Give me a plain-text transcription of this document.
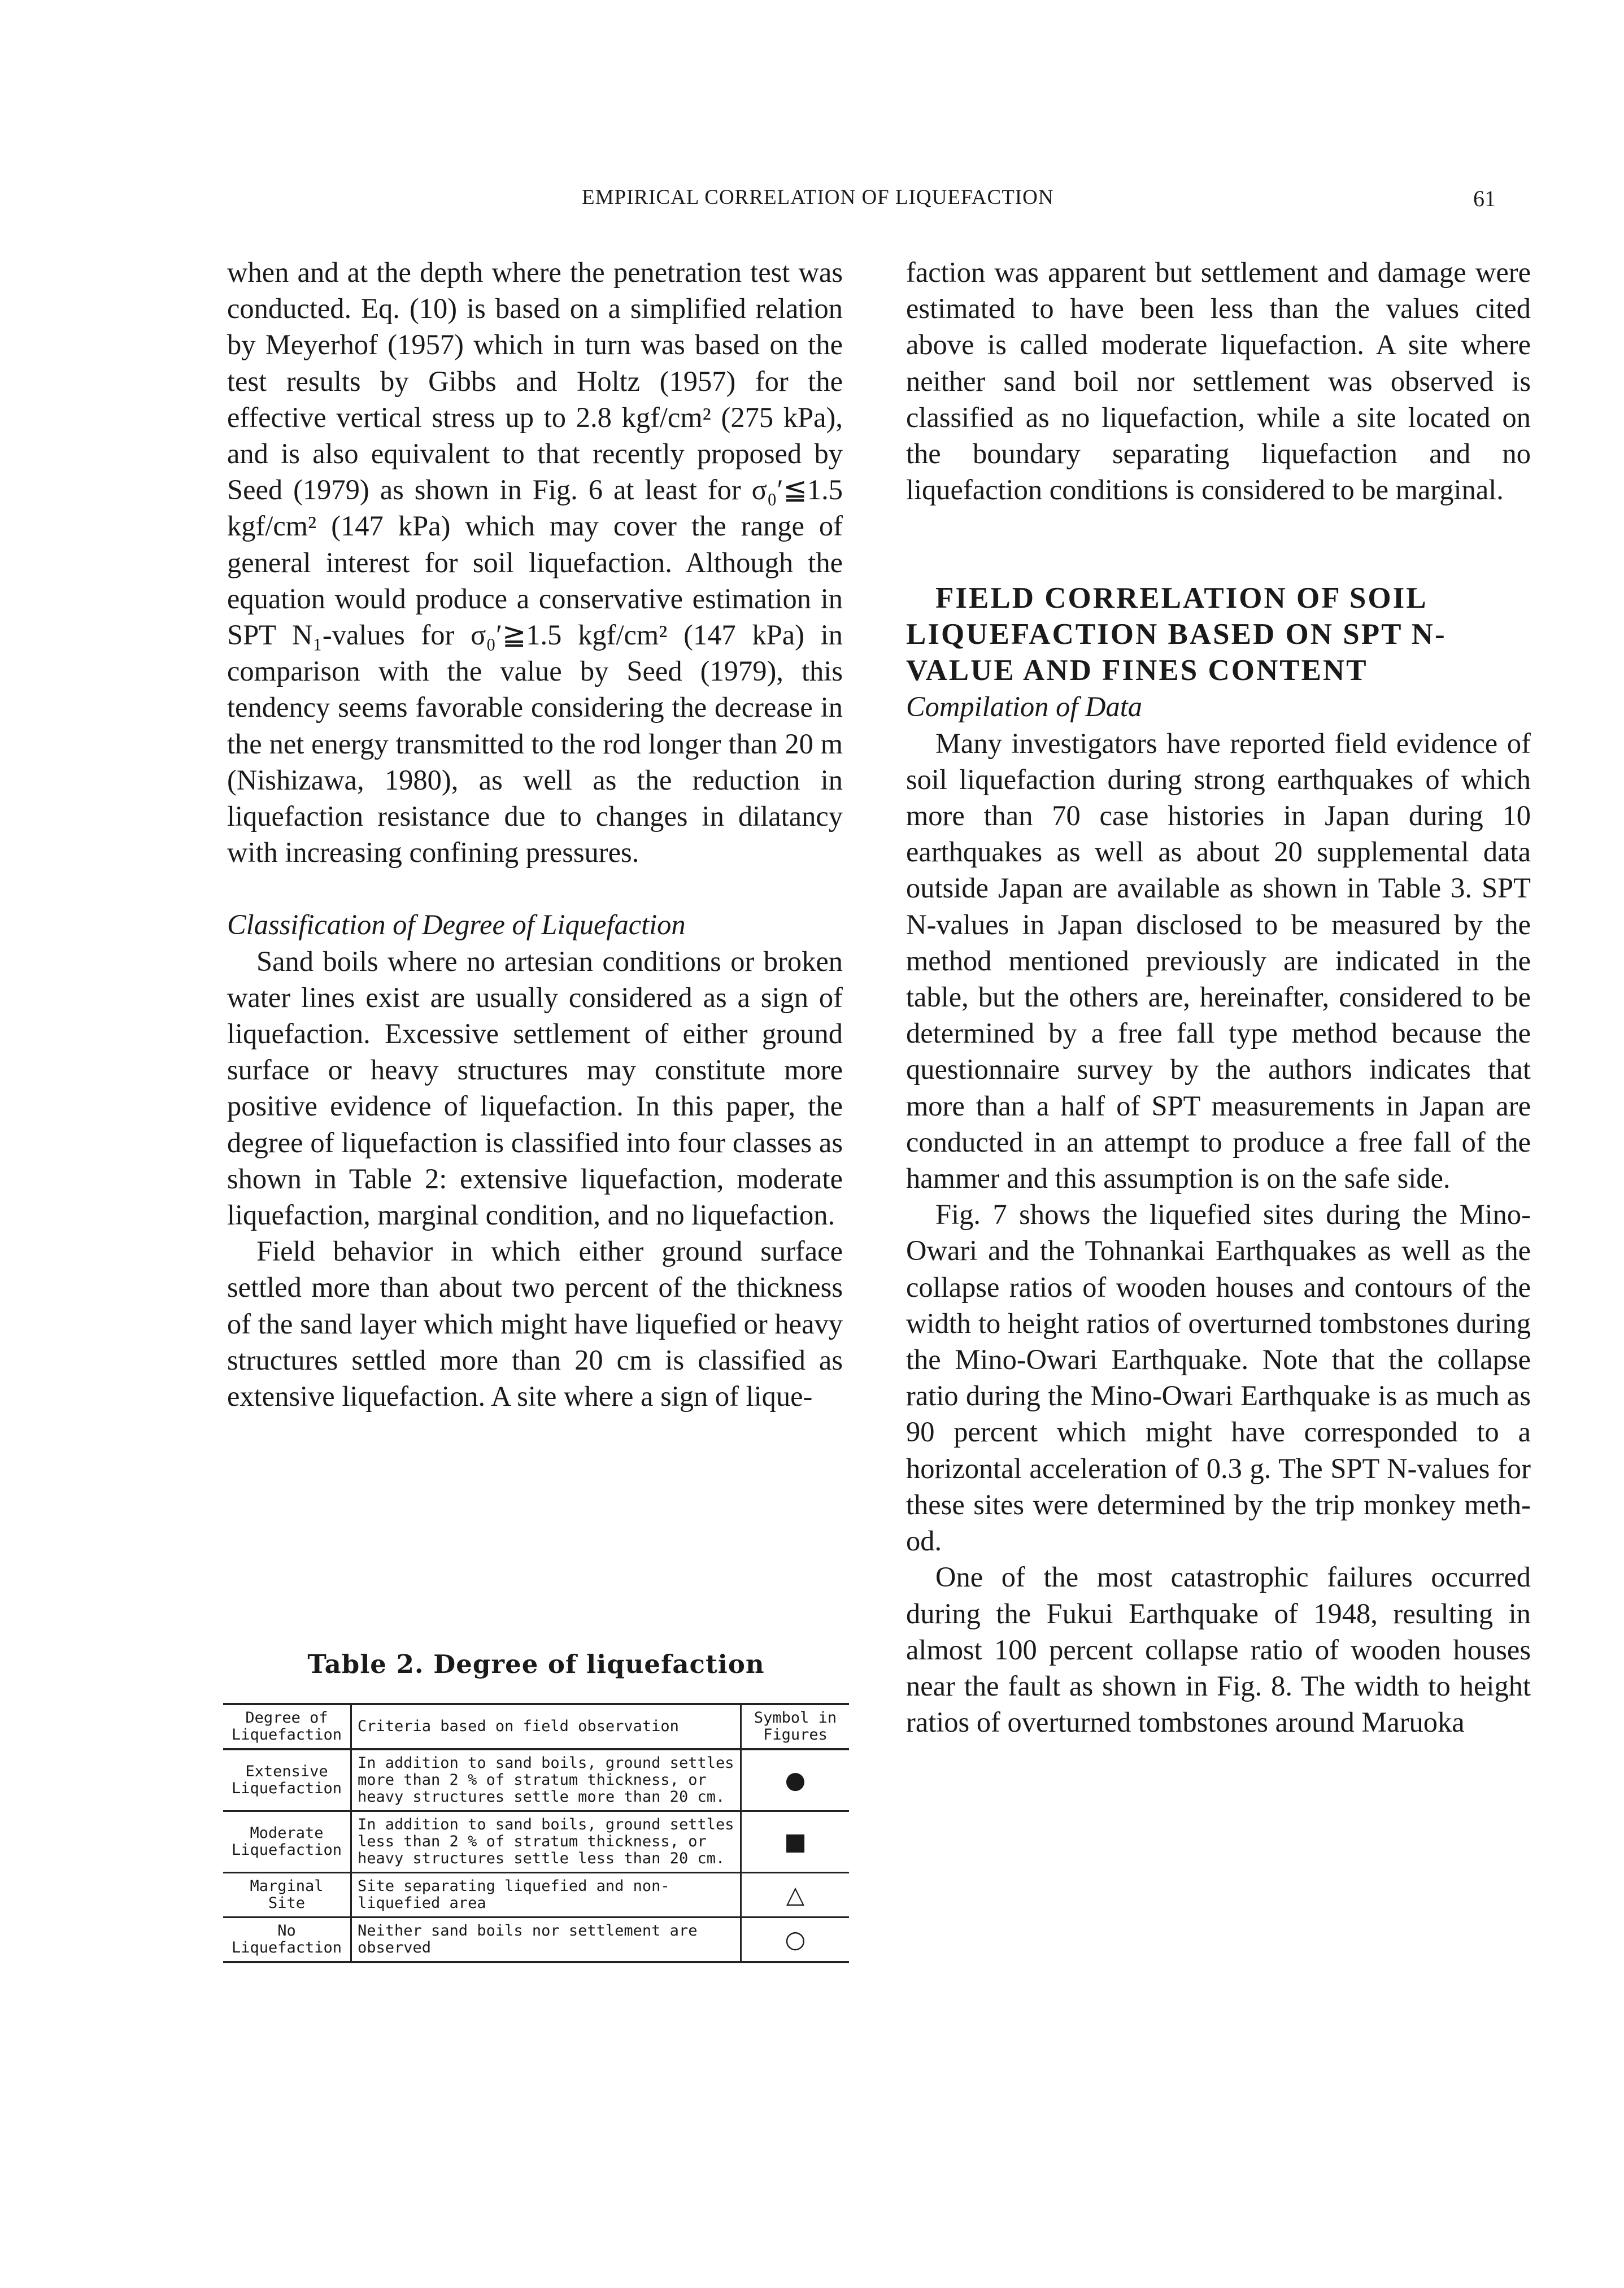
EMPIRICAL CORRELATION OF LIQUEFACTION	61

when and at the depth where the penetration test was conducted. Eq. (10) is based on a simplified relation by Meyerhof (1957) which in turn was based on the test results by Gibbs and Holtz (1957) for the effective vertical stress up to 2.8 kgf/cm² (275 kPa), and is also equivalent to that recently proposed by Seed (1979) as shown in Fig. 6 at least for σ₀′≦1.5 kgf/cm² (147 kPa) which may cover the range of general interest for soil liquefaction. Although the equation would produce a conservative estimation in SPT N₁-values for σ₀′≧1.5 kgf/cm² (147 kPa) in comparison with the value by Seed (1979), this tendency seems favorable considering the decrease in the net energy transmitted to the rod longer than 20 m (Nishizawa, 1980), as well as the reduction in liquefaction resistance due to changes in dilatancy with increasing confining pressures.

Classification of Degree of Liquefaction

Sand boils where no artesian conditions or broken water lines exist are usually considered as a sign of liquefaction. Excessive settlement of either ground surface or heavy structures may constitute more positive evidence of liquefaction. In this paper, the degree of liquefaction is classified into four classes as shown in Table 2: extensive liquefaction, moderate liquefaction, marginal condition, and no liquefaction.

Field behavior in which either ground surface settled more than about two percent of the thickness of the sand layer which might have liquefied or heavy structures settled more than 20 cm is classified as extensive liquefaction. A site where a sign of lique-

Table 2. Degree of liquefaction
Degree of Liquefaction	Criteria based on field observation	Symbol in Figures
Extensive Liquefaction	In addition to sand boils, ground settles more than 2 % of stratum thickness, or heavy structures settle more than 20 cm.	●
Moderate Liquefaction	In addition to sand boils, ground settles less than 2 % of stratum thickness, or heavy structures settle less than 20 cm.	■
Marginal Site	Site separating liquefied and non-liquefied area	△
No Liquefaction	Neither sand boils nor settlement are observed	○

faction was apparent but settlement and damage were estimated to have been less than the values cited above is called moderate liquefaction. A site where neither sand boil nor settlement was observed is classified as no liquefaction, while a site located on the boundary separating liquefaction and no liquefaction conditions is considered to be marginal.

FIELD CORRELATION OF SOIL LIQUEFACTION BASED ON SPT N-VALUE AND FINES CONTENT

Compilation of Data

Many investigators have reported field evidence of soil liquefaction during strong earthquakes of which more than 70 case histories in Japan during 10 earthquakes as well as about 20 supplemental data outside Japan are available as shown in Table 3. SPT N-values in Japan disclosed to be measured by the method mentioned previously are indicated in the table, but the others are, hereinafter, considered to be determined by a free fall type method because the questionnaire survey by the authors indicates that more than a half of SPT measurements in Japan are conducted in an attempt to produce a free fall of the hammer and this assumption is on the safe side.

Fig. 7 shows the liquefied sites during the Mino-Owari and the Tohnankai Earthquakes as well as the collapse ratios of wooden houses and contours of the width to height ratios of overturned tombstones during the Mino-Owari Earthquake. Note that the collapse ratio during the Mino-Owari Earthquake is as much as 90 percent which might have corresponded to a horizontal acceleration of 0.3 g. The SPT N-values for these sites were determined by the trip monkey method.

One of the most catastrophic failures occurred during the Fukui Earthquake of 1948, resulting in almost 100 percent collapse ratio of wooden houses near the fault as shown in Fig. 8. The width to height ratios of overturned tombstones around Maruoka
